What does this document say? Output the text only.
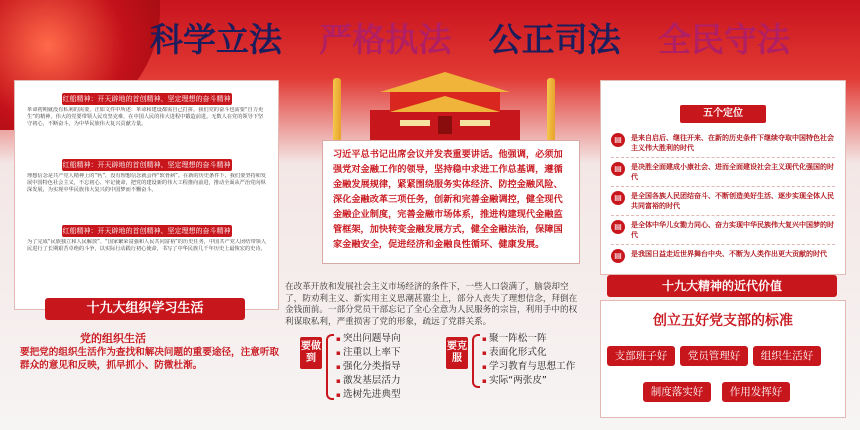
科学立法 严格执法 公正司法 全民守法
红船精神：开天辟地的首创精神、坚定理想的奋斗精神
革命初期就没有私利的需要，正如文件中所述：革命和建设都需自己打拼。我们党的奋斗也需要“自力更生”的精神。伟大的党要带领人民攻坚克难，在中国人民的伟大进程中锻造前进。无数人在党的领导下坚守初心，不断奋斗，为中华民族伟大复兴贡献力量。
红船精神：开天辟地的首创精神、坚定理想的奋斗精神
理想信念是共产党人精神上的“钙”，没有理想信念就会得“软骨病”。在新的历史条件下，我们要坚持和发展中国特色社会主义，不忘初心、牢记使命，把党的建设新的伟大工程推向前进，推动全面从严治党向纵深发展，为实现中华民族伟大复兴的中国梦而不懈奋斗。
红船精神：开天辟地的首创精神、坚定理想的奋斗精神
为了完成“民族独立和人民解放”、“国家繁荣富强和人民共同富裕”的历史任务，中国共产党人团结带领人民进行了长期艰苦卓绝的斗争，以实际行动践行初心使命，书写了中华民族几千年历史上最恢宏的史诗。
十九大组织学习生活
党的组织生活
要把党的组织生活作为查找和解决问题的重要途径，注意听取群众的意见和反映，抓早抓小、防微杜渐。
习近平总书记出席会议并发表重要讲话。他强调，必须加强党对金融工作的领导，坚持稳中求进工作总基调，遵循金融发展规律，紧紧围绕服务实体经济、防控金融风险、深化金融改革三项任务，创新和完善金融调控，健全现代金融企业制度，完善金融市场体系，推进构建现代金融监管框架，加快转变金融发展方式，健全金融法治，保障国家金融安全，促进经济和金融良性循环、健康发展。
在改革开放和发展社会主义市场经济的条件下，一些人口袋满了，脑袋却空了，防劝利主义、新实用主义思潮甚嚣尘上，部分人丧失了理想信念，拜倒在金钱面前。一部分党员干部忘记了全心全意为人民服务的宗旨，利用手中的权利谋取私利，严重损害了党的形象，疏远了党群关系。
要做到
▪ 突出问题导向
▪ 注重以上率下
▪ 强化分类指导
▪ 激发基层活力
▪ 选树先进典型
要克服
▪ 聚一阵松一阵
▪ 表面化形式化
▪ 学习教育与思想工作
▪ 实际“两张皮”
五个定位
▤	是来自启后、继往开来、在新的历史条件下继续夺取中国特色社会主义伟大胜利的时代
▤	是决胜全面建成小康社会、进而全面建设社会主义现代化强国的时代
▤	是全国各族人民团结奋斗、不断创造美好生活、逐步实现全体人民共同富裕的时代
▤	是全体中华儿女勠力同心、奋力实现中华民族伟大复兴中国梦的时代
▤	是我国日益走近世界舞台中央、不断为人类作出更大贡献的时代
十九大精神的近代价值
创立五好党支部的标准
支部班子好	党员管理好	组织生活好
制度落实好	作用发挥好
